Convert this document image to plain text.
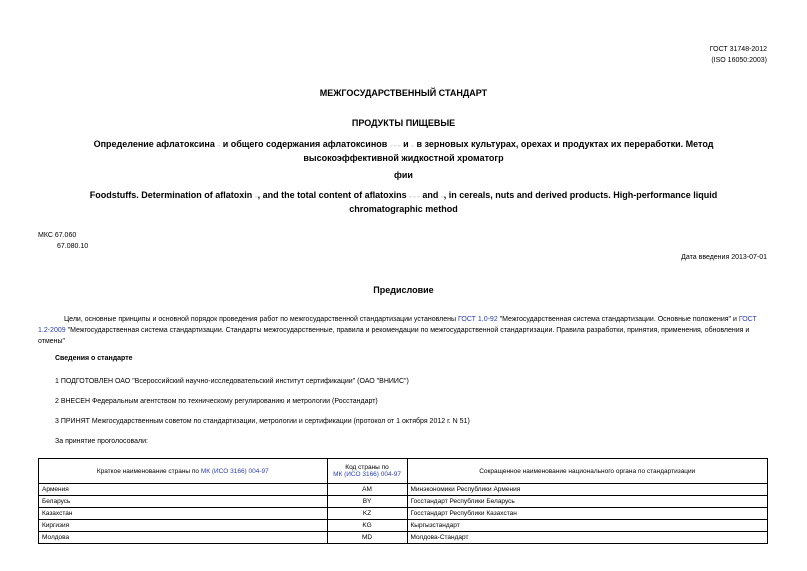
ГОСТ 31748-2012
(ISO 16050:2003)
МЕЖГОСУДАРСТВЕННЫЙ СТАНДАРТ
ПРОДУКТЫ ПИЩЕВЫЕ
Определение афлатоксина ▫▫ и общего содержания афлатоксинов ▫▫ ▫▫ ▫▫ и ▫▫ в зерновых культурах, орехах и продуктах их переработки. Метод
высокоэффективной жидкостной хроматогр
фии
Foodstuffs. Determination of aflatoxin ▫▫, and the total content of aflatoxins ▫▫ ▫▫ ▫▫ and ▫▫, in cereals, nuts and derived products. High-performance liquid
chromatographic method
МКС 67.060
67.080.10
Дата введения 2013-07-01
Предисловие
Цели, основные принципы и основной порядок проведения работ по межгосударственной стандартизации установлены ГОСТ 1.0-92 "Межгосударственная система стандартизации. Основные положения" и ГОСТ 1.2-2009 "Межгосударственная система стандартизации. Стандарты межгосударственные, правила и рекомендации по межгосударственной стандартизации. Правила разработки, принятия, применения, обновления и отмены"
Сведения о стандарте
1 ПОДГОТОВЛЕН ОАО "Всероссийский научно-исследовательский институт сертификации" (ОАО "ВНИИС")
2 ВНЕСЕН Федеральным агентством по техническому регулированию и метрологии (Росстандарт)
3 ПРИНЯТ Межгосударственным советом по стандартизации, метрологии и сертификации (протокол от 1 октября 2012 г. N 51)
За принятие проголосовали:
Краткое наименование страны по МК (ИСО 3166) 004-97	Код страны по
МК (ИСО 3166) 004-97	Сокращенное наименование национального органа по стандартизации
Армения	AM	Минэкономики Республики Армения
Беларусь	BY	Госстандарт Республики Беларусь
Казахстан	KZ	Госстандарт Республики Казахстан
Киргизия	KG	Кыргызстандарт
Молдова	MD	Молдова-Стандарт
